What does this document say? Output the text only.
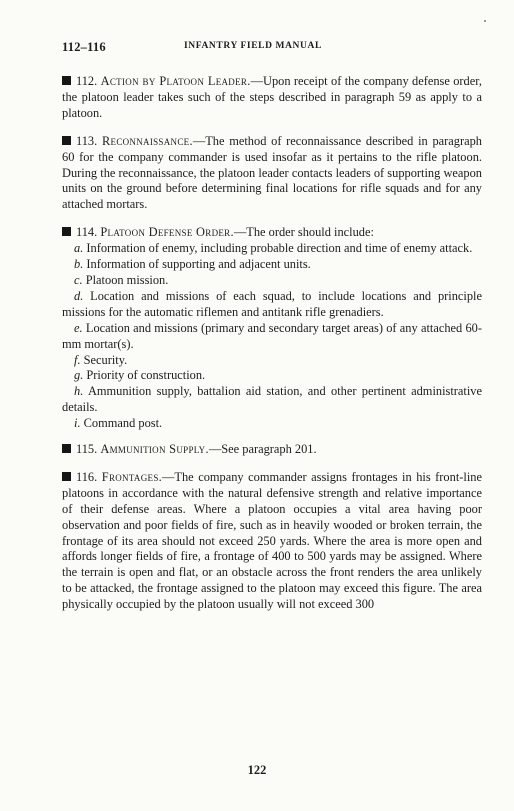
112–116	INFANTRY FIELD MANUAL

112. Action by Platoon Leader.—Upon receipt of the company defense order, the platoon leader takes such of the steps described in paragraph 59 as apply to a platoon.

113. Reconnaissance.—The method of reconnaissance described in paragraph 60 for the company commander is used insofar as it pertains to the rifle platoon. During the reconnaissance, the platoon leader contacts leaders of supporting weapon units on the ground before determining final locations for rifle squads and for any attached mortars.

114. Platoon Defense Order.—The order should include:
a. Information of enemy, including probable direction and time of enemy attack.
b. Information of supporting and adjacent units.
c. Platoon mission.
d. Location and missions of each squad, to include locations and principle missions for the automatic riflemen and antitank rifle grenadiers.
e. Location and missions (primary and secondary target areas) of any attached 60-mm mortar(s).
f. Security.
g. Priority of construction.
h. Ammunition supply, battalion aid station, and other pertinent administrative details.
i. Command post.

115. Ammunition Supply.—See paragraph 201.

116. Frontages.—The company commander assigns frontages in his front-line platoons in accordance with the natural defensive strength and relative importance of their defense areas. Where a platoon occupies a vital area having poor observation and poor fields of fire, such as in heavily wooded or broken terrain, the frontage of its area should not exceed 250 yards. Where the area is more open and affords longer fields of fire, a frontage of 400 to 500 yards may be assigned. Where the terrain is open and flat, or an obstacle across the front renders the area unlikely to be attacked, the frontage assigned to the platoon may exceed this figure. The area physically occupied by the platoon usually will not exceed 300

122
